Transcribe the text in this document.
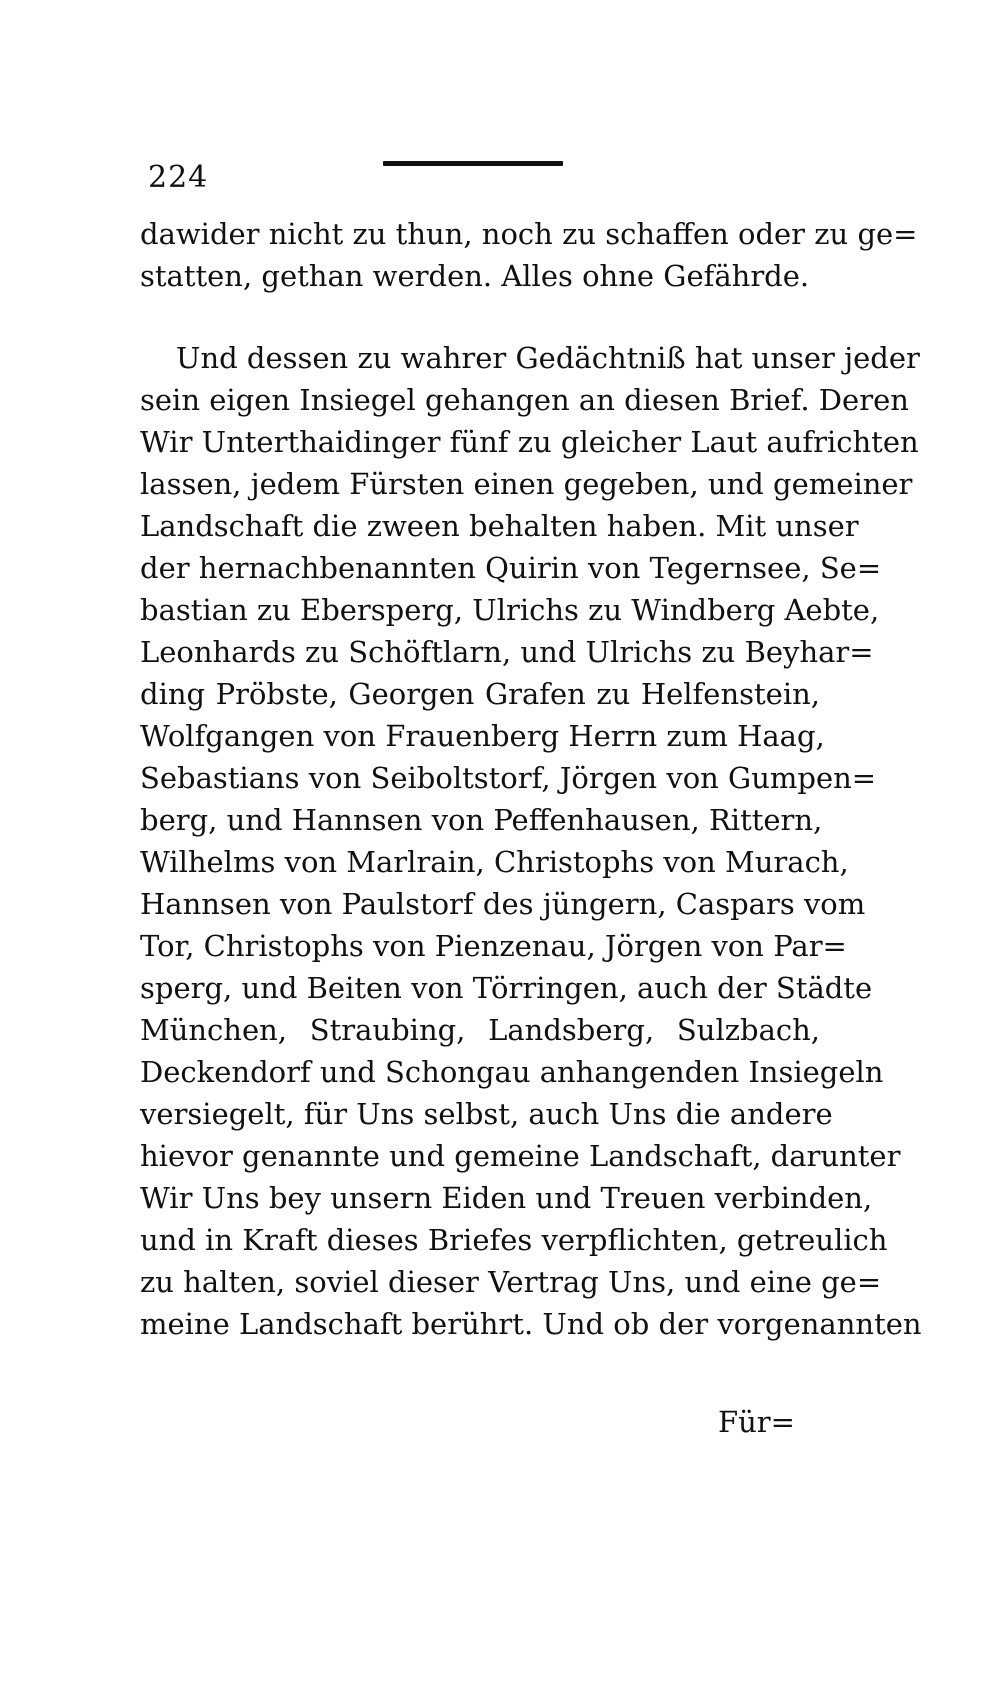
224
dawider nicht zu thun, noch zu schaffen oder zu ge=
statten, gethan werden. Alles ohne Gefährde.
Und dessen zu wahrer Gedächtniß hat unser jeder
sein eigen Insiegel gehangen an diesen Brief. Deren
Wir Unterthaidinger fünf zu gleicher Laut aufrichten
lassen, jedem Fürsten einen gegeben, und gemeiner
Landschaft die zween behalten haben. Mit unser
der hernachbenannten Quirin von Tegernsee, Se=
bastian zu Ebersperg, Ulrichs zu Windberg Aebte,
Leonhards zu Schöftlarn, und Ulrichs zu Beyhar=
ding Pröbste, Georgen Grafen zu Helfenstein,
Wolfgangen von Frauenberg Herrn zum Haag,
Sebastians von Seiboltstorf, Jörgen von Gumpen=
berg, und Hannsen von Peffenhausen, Rittern,
Wilhelms von Marlrain, Christophs von Murach,
Hannsen von Paulstorf des jüngern, Caspars vom
Tor, Christophs von Pienzenau, Jörgen von Par=
sperg, und Beiten von Törringen, auch der Städte
München, Straubing, Landsberg, Sulzbach,
Deckendorf und Schongau anhangenden Insiegeln
versiegelt, für Uns selbst, auch Uns die andere
hievor genannte und gemeine Landschaft, darunter
Wir Uns bey unsern Eiden und Treuen verbinden,
und in Kraft dieses Briefes verpflichten, getreulich
zu halten, soviel dieser Vertrag Uns, und eine ge=
meine Landschaft berührt. Und ob der vorgenannten
Für=
